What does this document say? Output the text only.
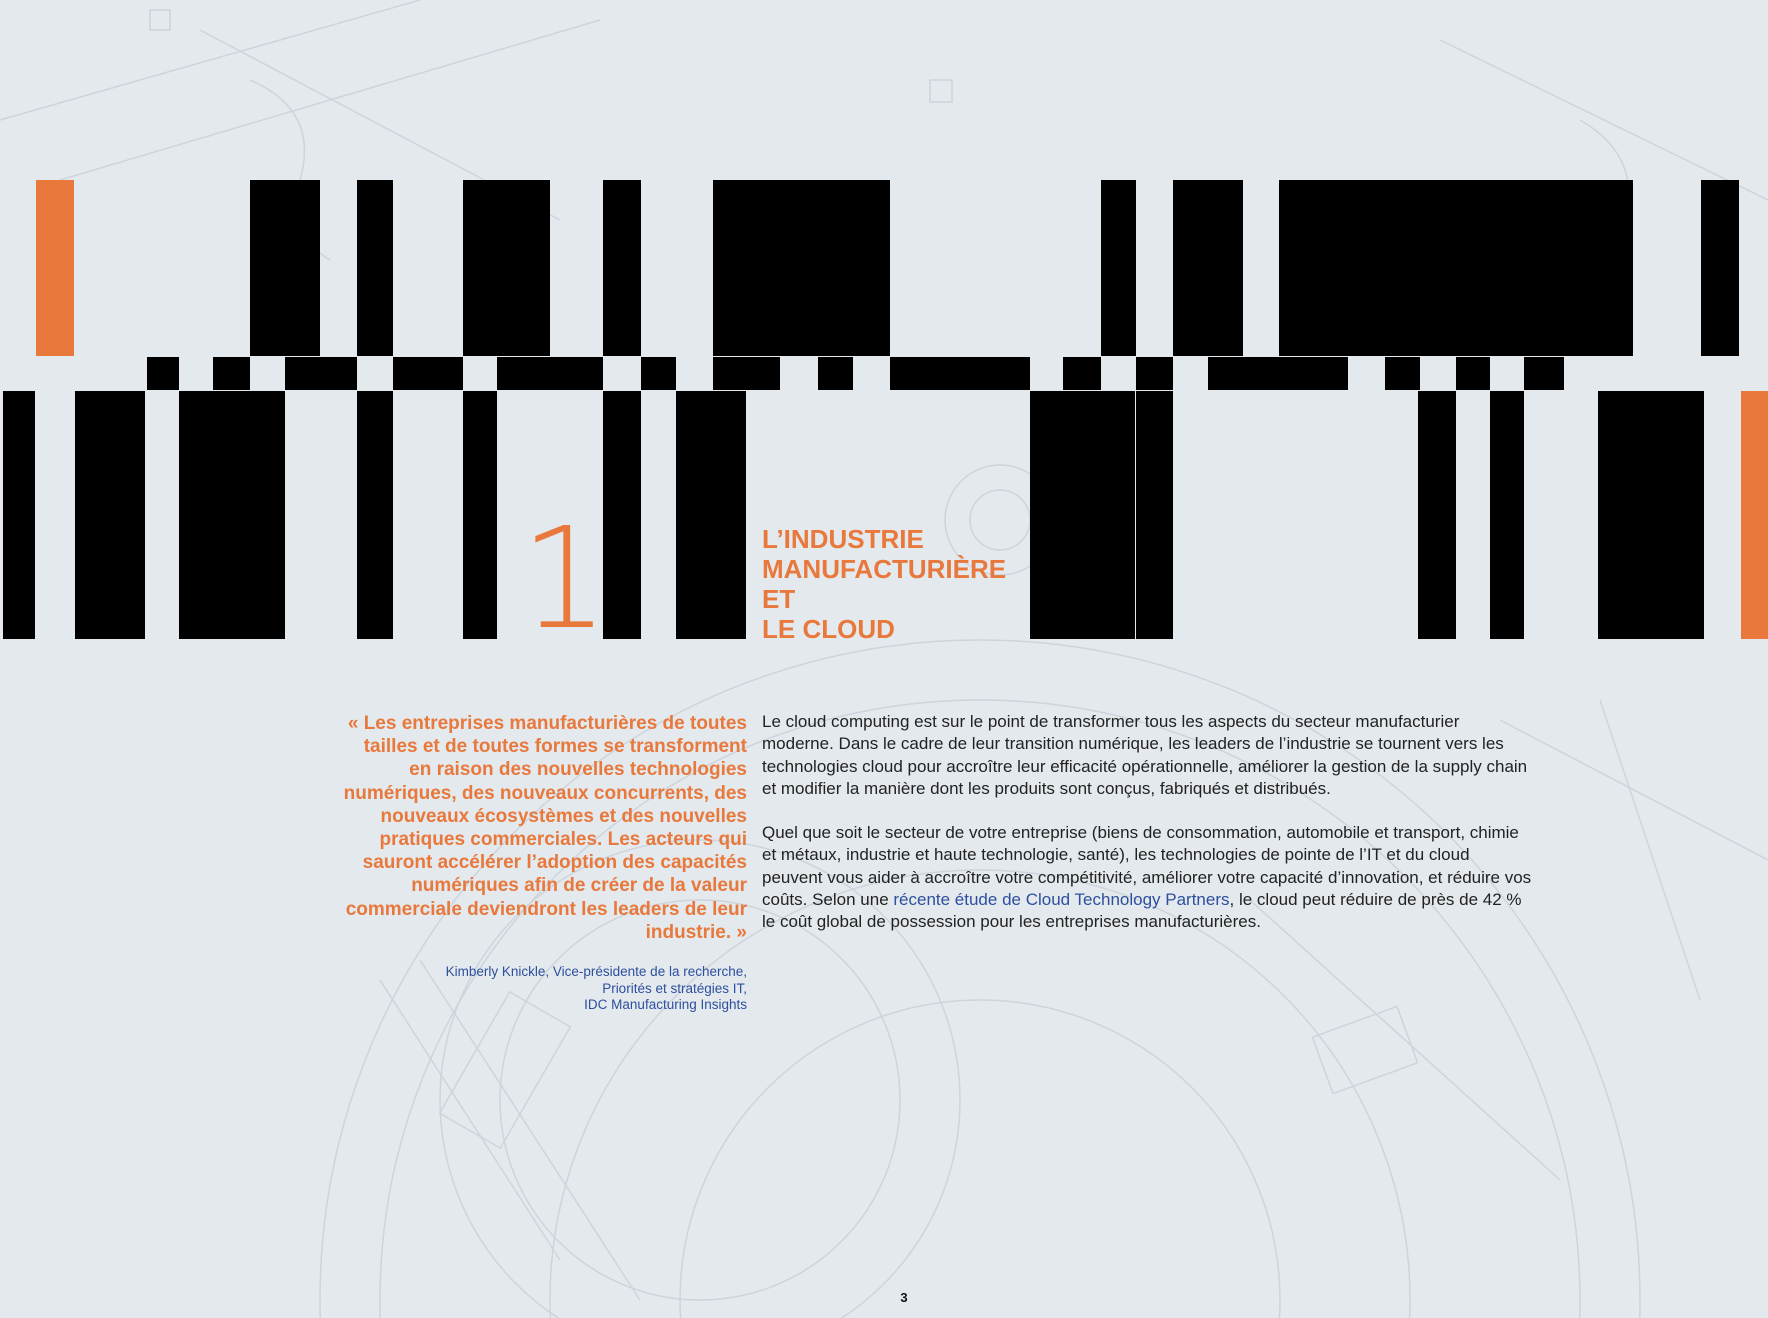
1	L’INDUSTRIE
MANUFACTURIÈRE
ET
LE CLOUD
« Les entreprises manufacturières de toutes tailles et de toutes formes se transforment en raison des nouvelles technologies numériques, des nouveaux concurrents, des nouveaux écosystèmes et des nouvelles pratiques commerciales. Les acteurs qui sauront accélérer l’adoption des capacités numériques afin de créer de la valeur commerciale deviendront les leaders de leur industrie. »
Kimberly Knickle, Vice-présidente de la recherche,
Priorités et stratégies IT,
IDC Manufacturing Insights

Le cloud computing est sur le point de transformer tous les aspects du secteur manufacturier moderne. Dans le cadre de leur transition numérique, les leaders de l’industrie se tournent vers les technologies cloud pour accroître leur efficacité opérationnelle, améliorer la gestion de la supply chain et modifier la manière dont les produits sont conçus, fabriqués et distribués.

Quel que soit le secteur de votre entreprise (biens de consommation, automobile et transport, chimie et métaux, industrie et haute technologie, santé), les technologies de pointe de l’IT et du cloud peuvent vous aider à accroître votre compétitivité, améliorer votre capacité d’innovation, et réduire vos coûts. Selon une récente étude de Cloud Technology Partners, le cloud peut réduire de près de 42 % le coût global de possession pour les entreprises manufacturières.

3
